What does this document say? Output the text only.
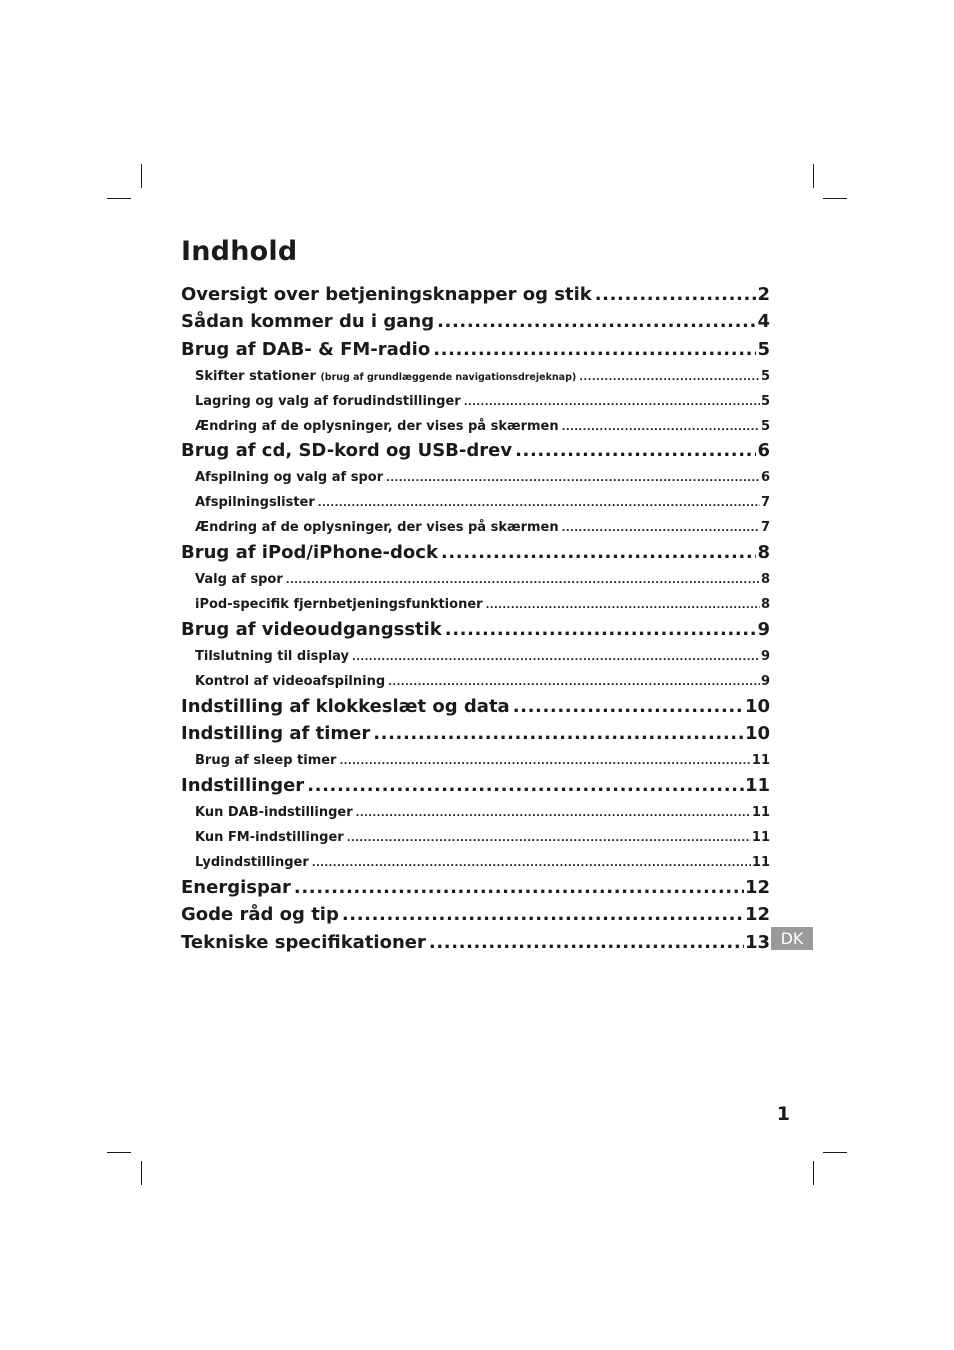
Indhold
Oversigt over betjeningsknapper og stik .....	2
Sådan kommer du i gang .....	4
Brug af DAB- & FM-radio .....	5
Skifter stationer (brug af grundlæggende navigationsdrejeknap) .....	5
Lagring og valg af forudindstillinger .....	5
Ændring af de oplysninger, der vises på skærmen .....	5
Brug af cd, SD-kord og USB-drev .....	6
Afspilning og valg af spor .....	6
Afspilningslister .....	7
Ændring af de oplysninger, der vises på skærmen .....	7
Brug af iPod/iPhone-dock .....	8
Valg af spor .....	8
iPod-specifik fjernbetjeningsfunktioner .....	8
Brug af videoudgangsstik .....	9
Tilslutning til display .....	9
Kontrol af videoafspilning .....	9
Indstilling af klokkeslæt og data .....	10
Indstilling af timer .....	10
Brug af sleep timer .....	11
Indstillinger .....	11
Kun DAB-indstillinger .....	11
Kun FM-indstillinger .....	11
Lydindstillinger .....	11
Energispar .....	12
Gode råd og tip .....	12
Tekniske specifikationer .....	13 DK
1
